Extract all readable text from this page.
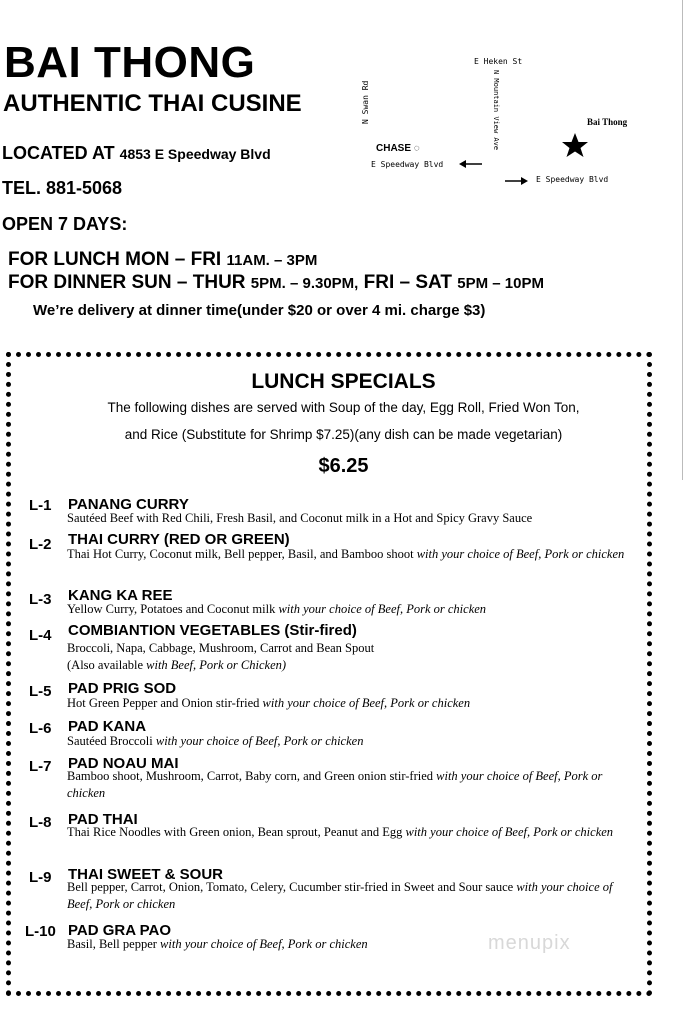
BAI THONG
AUTHENTIC THAI CUSINE
LOCATED AT 4853 E Speedway Blvd
TEL. 881-5068
OPEN 7 DAYS:
FOR LUNCH MON – FRI 11AM. – 3PM
FOR DINNER SUN – THUR 5PM. – 9.30PM, FRI – SAT 5PM – 10PM
We’re delivery at dinner time(under $20 or over 4 mi. charge $3)
N Swan Rd
E Heken St
N Mountain View Ave	Bai Thong
CHASE ◌
E Speedway Blvd
E Speedway Blvd
LUNCH SPECIALS
The following dishes are served with Soup of the day, Egg Roll, Fried Won Ton,
and Rice (Substitute for Shrimp $7.25)(any dish can be made vegetarian)
$6.25
L-1 PANANG CURRY
Sautéed Beef with Red Chili, Fresh Basil, and Coconut milk in a Hot and Spicy Gravy Sauce
L-2 THAI CURRY (RED OR GREEN)
Thai Hot Curry, Coconut milk, Bell pepper, Basil, and Bamboo shoot with your choice of Beef, Pork or chicken
L-3 KANG KA REE
Yellow Curry, Potatoes and Coconut milk with your choice of Beef, Pork or chicken
L-4 COMBIANTION VEGETABLES (Stir-fired)
Broccoli, Napa, Cabbage, Mushroom, Carrot and Bean Spout
(Also available with Beef, Pork or Chicken)
L-5 PAD PRIG SOD
Hot Green Pepper and Onion stir-fried with your choice of Beef, Pork or chicken
L-6 PAD KANA
Sautéed Broccoli with your choice of Beef, Pork or chicken
L-7 PAD NOAU MAI
Bamboo shoot, Mushroom, Carrot, Baby corn, and Green onion stir-fried with your choice of Beef, Pork or chicken
L-8 PAD THAI
Thai Rice Noodles with Green onion, Bean sprout, Peanut and Egg with your choice of Beef, Pork or chicken
L-9 THAI SWEET & SOUR
Bell pepper, Carrot, Onion, Tomato, Celery, Cucumber stir-fried in Sweet and Sour sauce with your choice of Beef, Pork or chicken
L-10 PAD GRA PAO
Basil, Bell pepper with your choice of Beef, Pork or chicken	menupix
